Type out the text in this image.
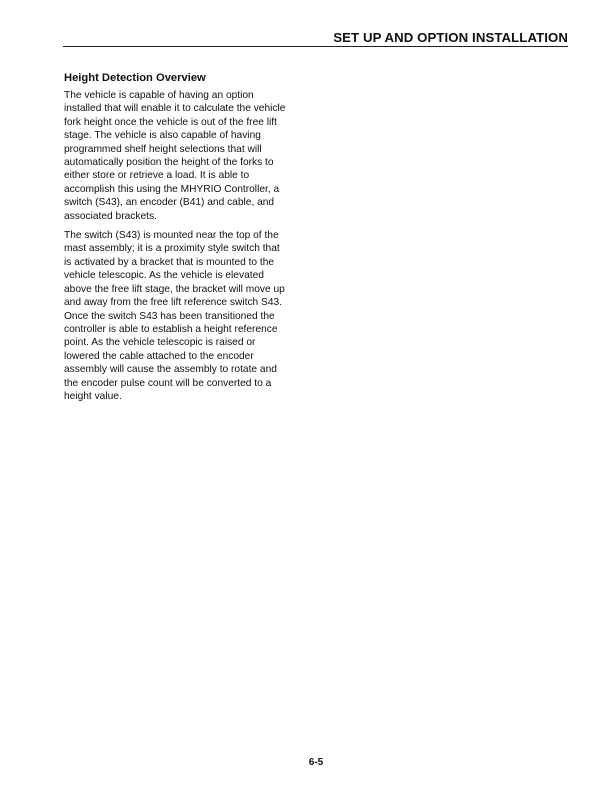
SET UP AND OPTION INSTALLATION
Height Detection Overview
The vehicle is capable of having an option
installed that will enable it to calculate the vehicle
fork height once the vehicle is out of the free lift
stage. The vehicle is also capable of having
programmed shelf height selections that will
automatically position the height of the forks to
either store or retrieve a load. It is able to
accomplish this using the MHYRIO Controller, a
switch (S43), an encoder (B41) and cable, and
associated brackets.
The switch (S43) is mounted near the top of the
mast assembly; it is a proximity style switch that
is activated by a bracket that is mounted to the
vehicle telescopic. As the vehicle is elevated
above the free lift stage, the bracket will move up
and away from the free lift reference switch S43.
Once the switch S43 has been transitioned the
controller is able to establish a height reference
point. As the vehicle telescopic is raised or
lowered the cable attached to the encoder
assembly will cause the assembly to rotate and
the encoder pulse count will be converted to a
height value.
6-5
